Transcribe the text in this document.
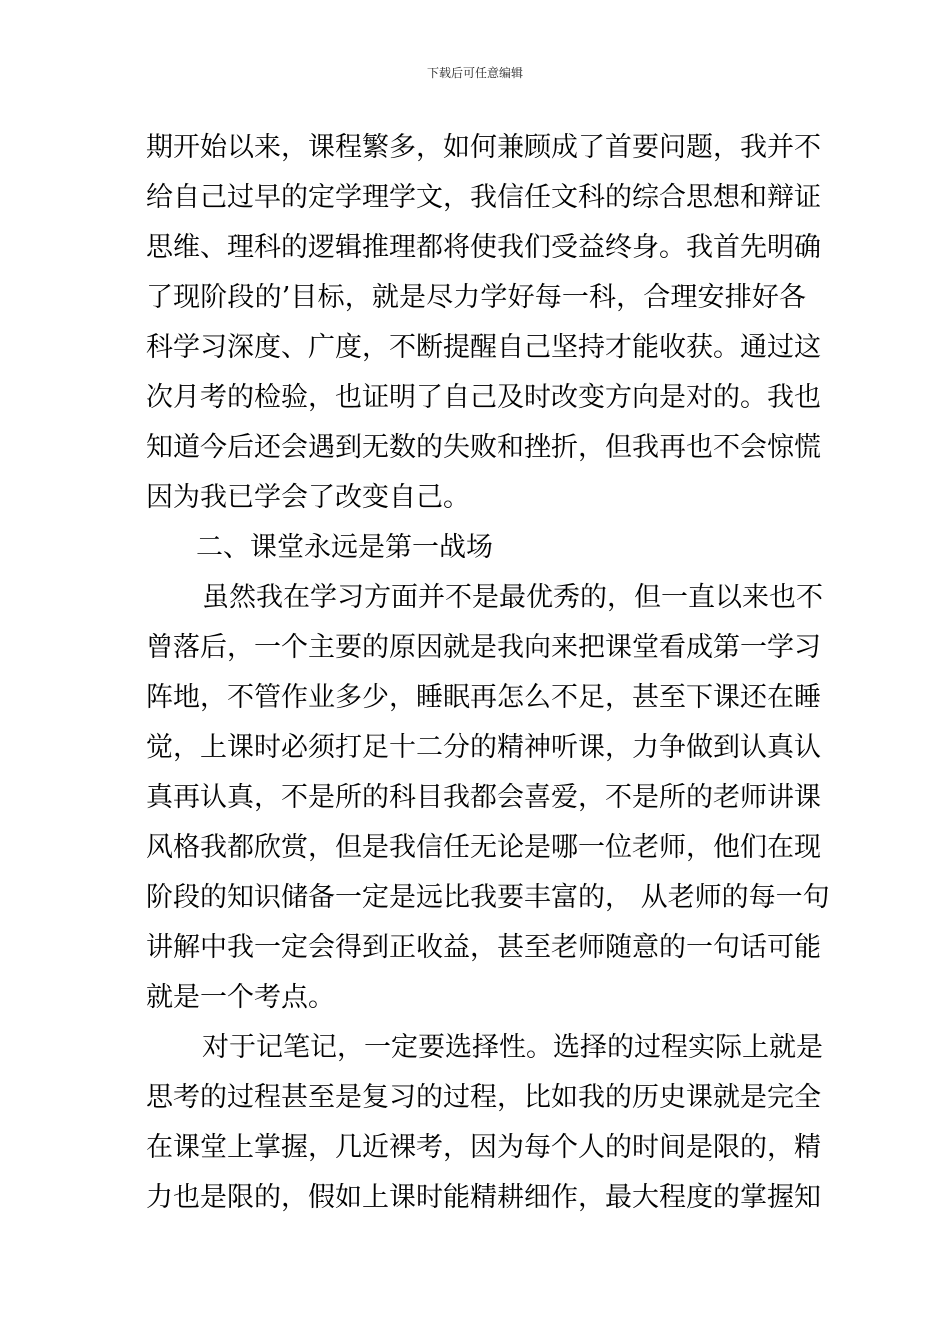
下载后可任意编辑
期开始以来，课程繁多，如何兼顾成了首要问题，我并不
给自己过早的定学理学文，我信任文科的综合思想和辩证
思维、理科的逻辑推理都将使我们受益终身。我首先明确
了现阶段的’目标，就是尽力学好每一科，合理安排好各
科学习深度、广度，不断提醒自己坚持才能收获。通过这
次月考的检验，也证明了自己及时改变方向是对的。我也
知道今后还会遇到无数的失败和挫折，但我再也不会惊慌
因为我已学会了改变自己。
二、课堂永远是第一战场
虽然我在学习方面并不是最优秀的，但一直以来也不
曾落后，一个主要的原因就是我向来把课堂看成第一学习
阵地，不管作业多少，睡眠再怎么不足，甚至下课还在睡
觉，上课时必须打足十二分的精神听课，力争做到认真认
真再认真，不是所的科目我都会喜爱，不是所的老师讲课
风格我都欣赏，但是我信任无论是哪一位老师，他们在现
阶段的知识储备一定是远比我要丰富的， 从老师的每一句
讲解中我一定会得到正收益，甚至老师随意的一句话可能
就是一个考点。
对于记笔记，一定要选择性。选择的过程实际上就是
思考的过程甚至是复习的过程，比如我的历史课就是完全
在课堂上掌握，几近裸考，因为每个人的时间是限的，精
力也是限的，假如上课时能精耕细作，最大程度的掌握知
